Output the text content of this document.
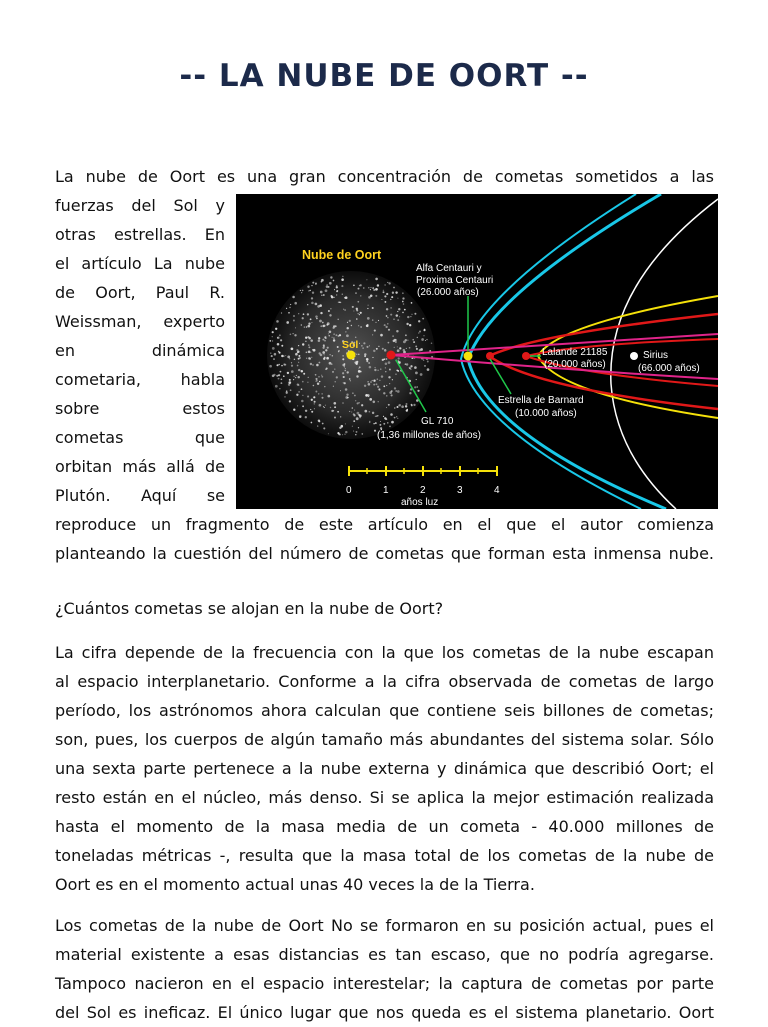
-- LA NUBE DE OORT --

La nube de Oort es una gran concentración de cometas sometidos a las

fuerzas del Sol y
otras estrellas. En
el artículo La nube
de Oort, Paul R.
Weissman, experto
en dinámica
cometaria, habla
sobre estos
cometas que
orbitan más allá de
Plutón. Aquí se
reproduce un fragmento de este artículo en el que el autor comienza
planteando la cuestión del número de cometas que forman esta inmensa nube.
Nube de Oort
Sol
Alfa Centauri y
Proxima Centauri
(26.000 años)
Lalande 21185
(20.000 años)
Sirius
(66.000 años)
Estrella de Barnard
(10.000 años)
GL 710
(1,36 millones de años)
0	1	2	3	4
años luz
¿Cuántos cometas se alojan en la nube de Oort?
La cifra depende de la frecuencia con la que los cometas de la nube escapan
al espacio interplanetario. Conforme a la cifra observada de cometas de largo
período, los astrónomos ahora calculan que contiene seis billones de cometas;
son, pues, los cuerpos de algún tamaño más abundantes del sistema solar. Sólo
una sexta parte pertenece a la nube externa y dinámica que describió Oort; el
resto están en el núcleo, más denso. Si se aplica la mejor estimación realizada
hasta el momento de la masa media de un cometa - 40.000 millones de
toneladas métricas -, resulta que la masa total de los cometas de la nube de
Oort es en el momento actual unas 40 veces la de la Tierra.
Los cometas de la nube de Oort No se formaron en su posición actual, pues el
material existente a esas distancias es tan escaso, que no podría agregarse.
Tampoco nacieron en el espacio interestelar; la captura de cometas por parte
del Sol es ineficaz. El único lugar que nos queda es el sistema planetario. Oort
